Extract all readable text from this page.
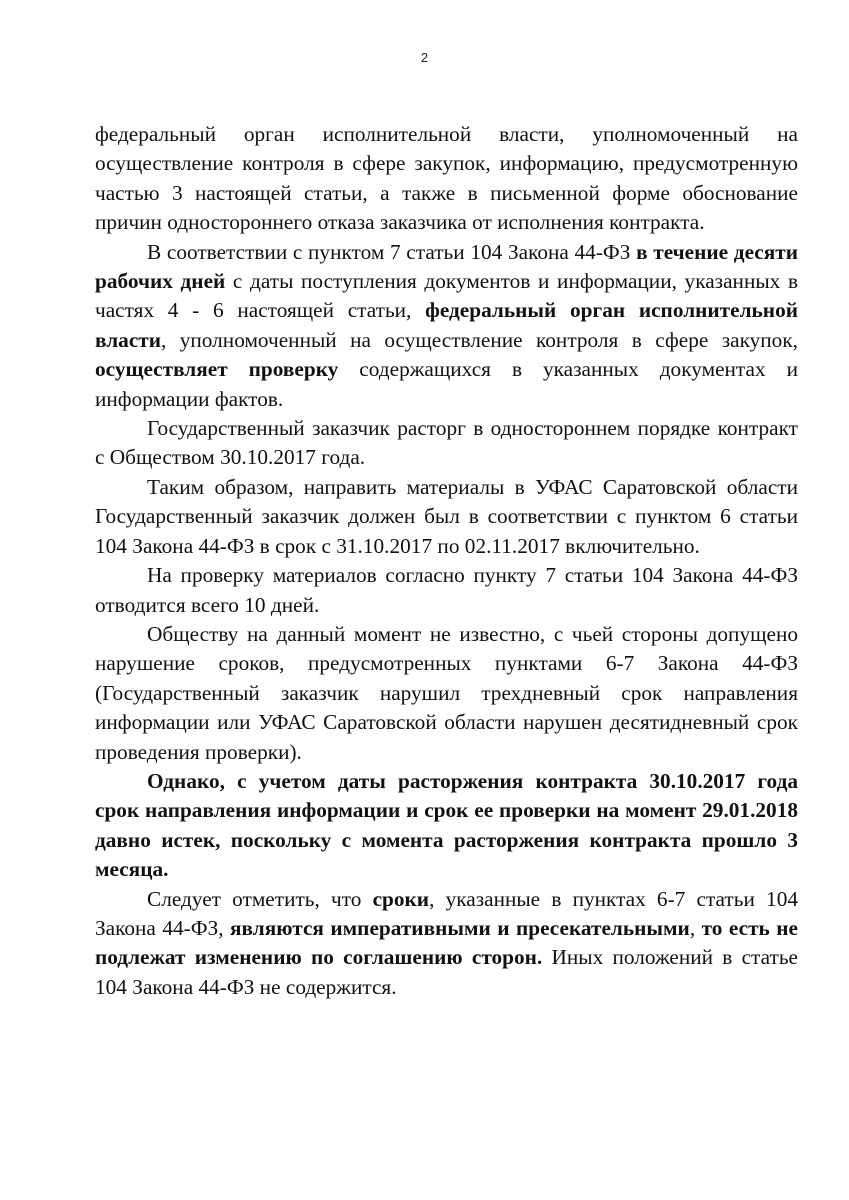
2

федеральный орган исполнительной власти, уполномоченный на осуществление контроля в сфере закупок, информацию, предусмотренную частью 3 настоящей статьи, а также в письменной форме обоснование причин одностороннего отказа заказчика от исполнения контракта.

В соответствии с пунктом 7 статьи 104 Закона 44-ФЗ в течение десяти рабочих дней с даты поступления документов и информации, указанных в частях 4 - 6 настоящей статьи, федеральный орган исполнительной власти, уполномоченный на осуществление контроля в сфере закупок, осуществляет проверку содержащихся в указанных документах и информации фактов.

Государственный заказчик расторг в одностороннем порядке контракт с Обществом 30.10.2017 года.

Таким образом, направить материалы в УФАС Саратовской области Государственный заказчик должен был в соответствии с пунктом 6 статьи 104 Закона 44-ФЗ в срок с 31.10.2017 по 02.11.2017 включительно.

На проверку материалов согласно пункту 7 статьи 104 Закона 44-ФЗ отводится всего 10 дней.

Обществу на данный момент не известно, с чьей стороны допущено нарушение сроков, предусмотренных пунктами 6-7 Закона 44-ФЗ (Государственный заказчик нарушил трехдневный срок направления информации или УФАС Саратовской области нарушен десятидневный срок проведения проверки).

Однако, с учетом даты расторжения контракта 30.10.2017 года срок направления информации и срок ее проверки на момент 29.01.2018 давно истек, поскольку с момента расторжения контракта прошло 3 месяца.

Следует отметить, что сроки, указанные в пунктах 6-7 статьи 104 Закона 44-ФЗ, являются императивными и пресекательными, то есть не подлежат изменению по соглашению сторон. Иных положений в статье 104 Закона 44-ФЗ не содержится.
